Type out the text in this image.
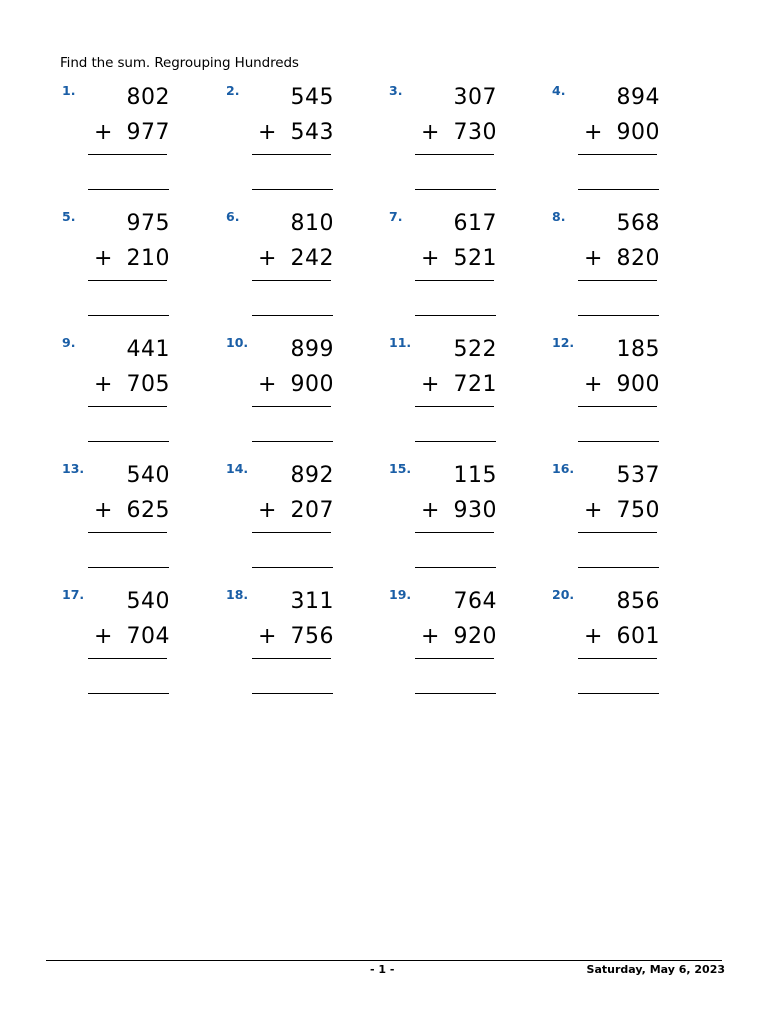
Find the sum. Regrouping Hundreds
1. 802
+ 977
2. 545
+ 543
3. 307
+ 730
4. 894
+ 900
5. 975
+ 210
6. 810
+ 242
7. 617
+ 521
8. 568
+ 820
9. 441
+ 705
10. 899
+ 900
11. 522
+ 721
12. 185
+ 900
13. 540
+ 625
14. 892
+ 207
15. 115
+ 930
16. 537
+ 750
17. 540
+ 704
18. 311
+ 756
19. 764
+ 920
20. 856
+ 601
- 1 -	Saturday, May 6, 2023
